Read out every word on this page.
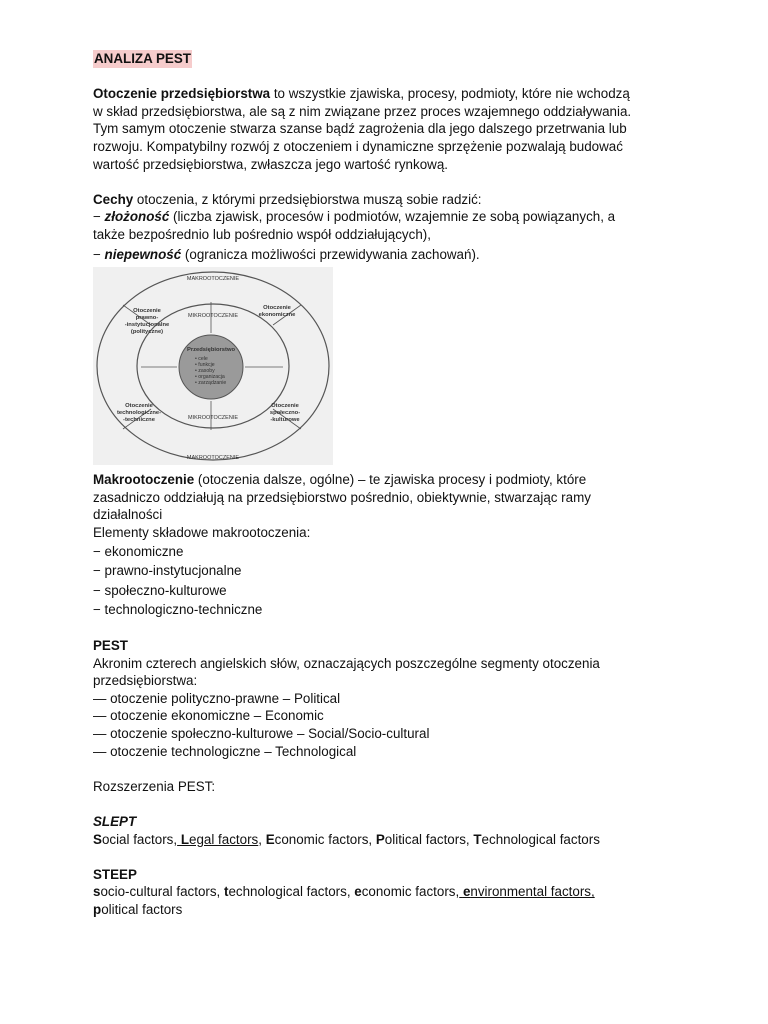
ANALIZA PEST

Otoczenie przedsiębiorstwa to wszystkie zjawiska, procesy, podmioty, które nie wchodzą
w skład przedsiębiorstwa, ale są z nim związane przez proces wzajemnego oddziaływania.
Tym samym otoczenie stwarza szanse bądź zagrożenia dla jego dalszego przetrwania lub
rozwoju. Kompatybilny rozwój z otoczeniem i dynamiczne sprzężenie pozwalają budować
wartość przedsiębiorstwa, zwłaszcza jego wartość rynkową.

Cechy otoczenia, z którymi przedsiębiorstwa muszą sobie radzić:

− złożoność (liczba zjawisk, procesów i podmiotów, wzajemnie ze sobą powiązanych, a
także bezpośrednio lub pośrednio współ oddziałujących),

− niepewność (ogranicza możliwości przewidywania zachowań).

MAKROOTOCZENIE
MAKROOTOCZENIE
MIKROOTOCZENIE
MIKROOTOCZENIE
Otoczenie
prawno-
-instytucjonalne
(polityczne)
Otoczenie
ekonomiczne
Otoczenie
technologiczne-
-techniczne
Otoczenie
społeczno-
-kulturowe
Przedsiębiorstwo
• cele
• funkcje
• zasoby
• organizacja
• zarządzanie

Makrootoczenie (otoczenia dalsze, ogólne) – te zjawiska procesy i podmioty, które
zasadniczo oddziałują na przedsiębiorstwo pośrednio, obiektywnie, stwarzając ramy
działalności
Elementy składowe makrootoczenia:

− ekonomiczne
− prawno-instytucjonalne
− społeczno-kulturowe
− technologiczno-techniczne

PEST

Akronim czterech angielskich słów, oznaczających poszczególne segmenty otoczenia
przedsiębiorstwa:

— otoczenie polityczno-prawne – Political
— otoczenie ekonomiczne – Economic
— otoczenie społeczno-kulturowe – Social/Socio-cultural
— otoczenie technologiczne – Technological

Rozszerzenia PEST:

SLEPT

Social factors, Legal factors, Economic factors, Political factors, Technological factors

STEEP

socio-cultural factors, technological factors, economic factors, environmental factors,
political factors
